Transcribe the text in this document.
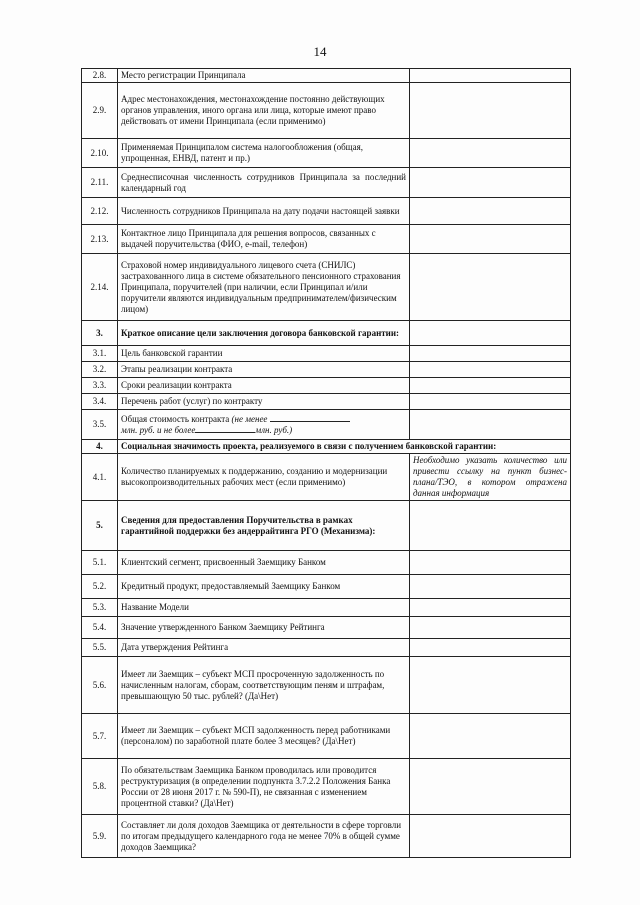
14
2.8.	Место регистрации Принципала	
2.9.	Адрес местонахождения, местонахождение постоянно действующих органов управления, иного органа или лица, которые имеют право действовать от имени Принципала (если применимо)	
2.10.	Применяемая Принципалом система налогообложения (общая, упрощенная, ЕНВД, патент и пр.)	
2.11.	Среднесписочная численность сотрудников Принципала за последний календарный год	
2.12.	Численность сотрудников Принципала на дату подачи настоящей заявки	
2.13.	Контактное лицо Принципала для решения вопросов, связанных с выдачей поручительства (ФИО, e-mail, телефон)	
2.14.	Страховой номер индивидуального лицевого счета (СНИЛС) застрахованного лица в системе обязательного пенсионного страхования Принципала, поручителей (при наличии, если Принципал и/или поручители являются индивидуальным предпринимателем/физическим лицом)	
3.	Краткое описание цели заключения договора банковской гарантии:	
3.1.	Цель банковской гарантии	
3.2.	Этапы реализации контракта	
3.3.	Сроки реализации контракта	
3.4.	Перечень работ (услуг) по контракту	
3.5.	Общая стоимость контракта (не менее
млн. руб. и не более млн. руб.)	
4.	Социальная значимость проекта, реализуемого в связи с получением банковской гарантии:	
4.1.	Количество планируемых к поддержанию, созданию и модернизации высокопроизводительных рабочих мест (если применимо)	Необходимо указать количество или привести ссылку на пункт бизнес-плана/ТЭО, в котором отражена данная информация
5.	Сведения для предоставления Поручительства в рамках гарантийной поддержки без андеррайтинга РГО (Механизма):	
5.1.	Клиентский сегмент, присвоенный Заемщику Банком	
5.2.	Кредитный продукт, предоставляемый Заемщику Банком	
5.3.	Название Модели	
5.4.	Значение утвержденного Банком Заемщику Рейтинга	
5.5.	Дата утверждения Рейтинга	
5.6.	Имеет ли Заемщик – субъект МСП просроченную задолженность по начисленным налогам, сборам, соответствующим пеням и штрафам, превышающую 50 тыс. рублей? (Да\Нет)	
5.7.	Имеет ли Заемщик – субъект МСП задолженность перед работниками (персоналом) по заработной плате более 3 месяцев? (Да\Нет)	
5.8.	По обязательствам Заемщика Банком проводилась или проводится реструктуризация (в определении подпункта 3.7.2.2 Положения Банка России от 28 июня 2017 г. № 590-П), не связанная с изменением процентной ставки? (Да\Нет)	
5.9.	Составляет ли доля доходов Заемщика от деятельности в сфере торговли по итогам предыдущего календарного года не менее 70% в общей сумме доходов Заемщика?	
